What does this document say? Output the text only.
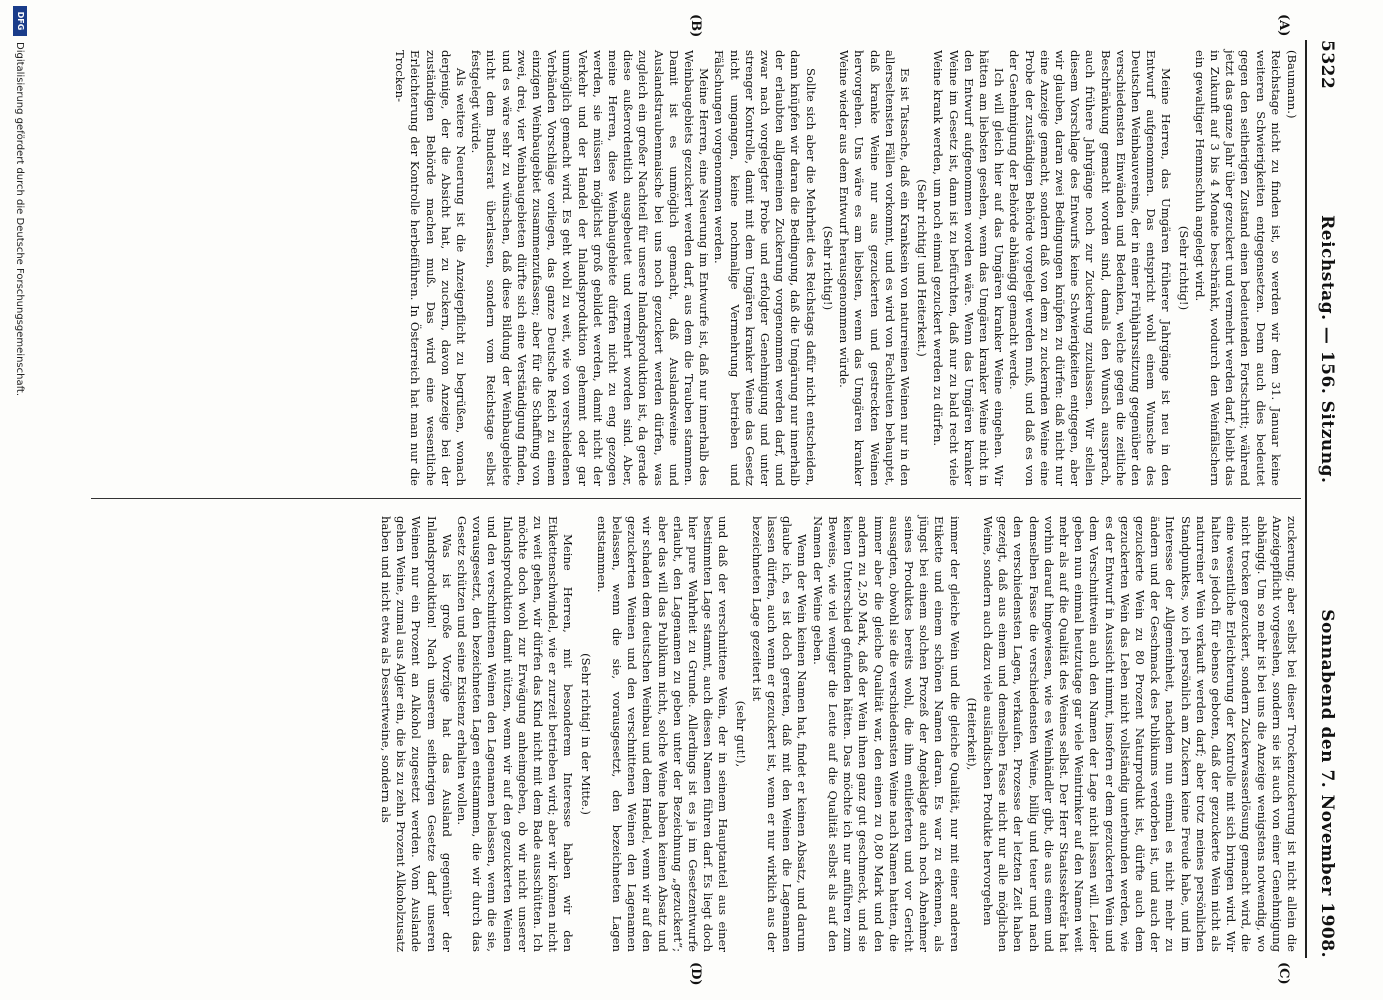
5322
Reichstag. — 156. Sitzung.
Sonnabend den 7. November 1908.
(A)
(B)
(C)
(D)

(Baumann.)

Reichstage nicht zu finden ist, so werden wir dem 31. Januar keine weiteren Schwierigkeiten entgegensetzen. Denn auch dies bedeutet gegen den seitherigen Zustand einen bedeutenden Fortschritt; während jetzt das ganze Jahr über gezuckert und vermehrt werden darf, bleibt das in Zukunft auf 3 bis 4 Monate beschränkt, wodurch den Weinfälschern ein gewaltiger Hemmschuh angelegt wird.

(Sehr richtig!)

Meine Herren, das Umgären früherer Jahrgänge ist neu in den Entwurf aufgenommen. Das entspricht wohl einem Wunsche des Deutschen Weinbauvereins, der in einer Frühjahrssitzung gegenüber den verschiedensten Einwänden und Bedenken, welche gegen die zeitliche Beschränkung gemacht worden sind, damals den Wunsch aussprach, auch frühere Jahrgänge noch zur Zuckerung zuzulassen. Wir stellen diesem Vorschlage des Entwurfs keine Schwierigkeiten entgegen, aber wir glauben, daran zwei Bedingungen knüpfen zu dürfen: daß nicht nur eine Anzeige gemacht, sondern daß von dem zu zuckernden Weine eine Probe der zuständigen Behörde vorgelegt werden muß, und daß es von der Genehmigung der Behörde abhängig gemacht werde.

Ich will gleich hier auf das Umgären kranker Weine eingehen. Wir hätten am liebsten gesehen, wenn das Umgären kranker Weine nicht in den Entwurf aufgenommen worden wäre. Wenn das Umgären kranker Weine im Gesetz ist, dann ist zu befürchten, daß nur zu bald recht viele Weine krank werden, um noch einmal gezuckert werden zu dürfen.

(Sehr richtig! und Heiterkeit.)

Es ist Tatsache, daß ein Kranksein von naturreinen Weinen nur in den allerseltensten Fällen vorkommt, und es wird von Fachleuten behauptet, daß kranke Weine nur aus gezuckerten und gestreckten Weinen hervorgehen. Uns wäre es am liebsten, wenn das Umgären kranker Weine wieder aus dem Entwurf herausgenommen würde.

(Sehr richtig!)

Sollte sich aber die Mehrheit des Reichstags dafür nicht entscheiden, dann knüpfen wir daran die Bedingung, daß die Umgärung nur innerhalb der erlaubten allgemeinen Zuckerung vorgenommen werden darf, und zwar nach vorgelegter Probe und erfolgter Genehmigung und unter strenger Kontrolle, damit mit dem Umgären kranker Weine das Gesetz nicht umgangen, keine nochmalige Vermehrung betrieben und Fälschungen vorgenommen werden.

Meine Herren, eine Neuerung im Entwurfe ist, daß nur innerhalb des Weinbaugebiets gezuckert werden darf, aus dem die Trauben stammen. Damit ist es unmöglich gemacht, daß Auslandsweine und Auslandstraubenmaische bei uns noch gezuckert werden dürfen, was zugleich ein großer Nachteil für unsere Inlandsproduktion ist, da gerade diese außerordentlich ausgebeutet und vermehrt worden sind. Aber, meine Herren, diese Weinbaugebiete dürfen nicht zu eng gezogen werden, sie müssen möglichst groß gebildet werden, damit nicht der Verkehr und der Handel der Inlandsproduktion gehemmt oder gar unmöglich gemacht wird. Es geht wohl zu weit, wie von verschiedenen Verbänden Vorschläge vorliegen, das ganze Deutsche Reich zu einem einzigen Weinbaugebiet zusammenzufassen; aber für die Schaffung von zwei, drei, vier Weinbaugebieten dürfte sich eine Verständigung finden, und es wäre sehr zu wünschen, daß diese Bildung der Weinbaugebiete nicht dem Bundesrat überlassen, sondern vom Reichstage selbst festgelegt würde.

Als weitere Neuerung ist die Anzeigepflicht zu begrüßen, wonach derjenige, der die Absicht hat, zu zuckern, davon Anzeige bei der zuständigen Behörde machen muß. Das wird eine wesentliche Erleichterung der Kontrolle herbeiführen. In Österreich hat man nur die Trocken-

zuckerung; aber selbst bei dieser Trockenzuckerung ist nicht allein die Anzeigepflicht vorgesehen, sondern sie ist auch von einer Genehmigung abhängig. Um so mehr ist bei uns die Anzeige wenigstens notwendig, wo nicht trocken gezuckert, sondern Zuckerwasserlösung gemacht wird, die eine wesentliche Erleichterung der Kontrolle mit sich bringen wird. Wir halten es jedoch für ebenso geboten, daß der gezuckerte Wein nicht als naturreiner Wein verkauft werden darf; aber trotz meines persönlichen Standpunktes, wo ich persönlich am Zuckern keine Freude habe, und im Interesse der Allgemeinheit, nachdem nun einmal es nicht mehr zu ändern und der Geschmack des Publikums verdorben ist, und auch der gezuckerte Wein zu 80 Prozent Naturprodukt ist, dürfte auch dem gezuckerten Wein das Leben nicht vollständig unterbunden werden, wie es der Entwurf in Aussicht nimmt, insofern er dem gezuckerten Wein und dem Verschnittwein auch den Namen der Lage nicht lassen will. Leider geben nun einmal heutzutage gar viele Weintrinker auf den Namen weit mehr als auf die Qualität des Weines selbst. Der Herr Staatssekretär hat vorhin darauf hingewiesen, wie es Weinhändler gibt, die aus einem und demselben Fasse die verschiedensten Weine, billig und teuer und nach den verschiedensten Lagen, verkaufen. Prozesse der letzten Zeit haben gezeigt, daß aus einem und demselben Fasse nicht nur alle möglichen Weine, sondern auch dazu viele ausländischen Produkte hervorgehen

(Heiterkeit),

immer der gleiche Wein und die gleiche Qualität, nur mit einer anderen Etikette und einem schönen Namen daran. Es war zu erkennen, als jüngst bei einem solchen Prozeß der Angeklagte auch noch Abnehmer seines Produktes bereits wohl, die ihm entlieferten und vor Gericht aussagten, obwohl sie die verschiedensten Weine nach Namen hatten, die immer aber die gleiche Qualität war, den einen zu 0,80 Mark und den andern zu 2,50 Mark, daß der Wein ihnen ganz gut geschmeckt, und sie keinen Unterschied gefunden hätten. Das möchte ich nur anführen zum Beweise, wie viel weniger die Leute auf die Qualität selbst als auf den Namen der Weine geben.

Wenn der Wein keinen Namen hat, findet er keinen Absatz, und darum glaube ich, es ist doch geraten, daß mit den Weinen die Lagenamen lassen dürfen, auch wenn er gezuckert ist, wenn er nur wirklich aus der bezeichneten Lage gezeitert ist

(sehr gut!),

und daß der verschnittene Wein, der in seinem Hauptanteil aus einer bestimmten Lage stammt, auch diesen Namen führen darf. Es liegt doch hier pure Wahrheit zu Grunde. Allerdings ist es ja im Gesetzentwurfe erlaubt, den Lagenamen zu geben unter der Bezeichnung „gezuckert“; aber das will das Publikum nicht, solche Weine haben keinen Absatz und wir schaden dem deutschen Weinbau und dem Handel, wenn wir auf den gezuckerten Weinen und den verschnittenen Weinen den Lagenamen belassen, wenn die sie, vorausgesetzt, den bezeichneten Lagen entstammen.

(Sehr richtig! in der Mitte.)

Meine Herren, mit besonderem Interesse haben wir den Etikettenschwindel, wie er zurzeit betrieben wird; aber wir können nicht zu weit gehen, wir dürfen das Kind nicht mit dem Bade ausschütten. Ich möchte doch wohl zur Erwägung anheimgeben, ob wir nicht unserer Inlandsproduktion damit nützen, wenn wir auf den gezuckerten Weinen und den verschnittenen Weinen den Lagenamen belassen, wenn die sie, vorausgesetzt, den bezeichneten Lagen entstammen, die wir durch das Gesetz schützen und seine Existenz erhalten wollen.

Was ist große Vorzüge hat das Ausland gegenüber der Inlandsproduktion! Nach unserem seitherigen Gesetze darf unseren Weinen nur ein Prozent an Alkohol zugesetzt werden. Vom Auslande gehen Weine, zumal aus Algier ein, die bis zu zehn Prozent Alkoholzusatz haben und nicht etwa als Dessertweine, sondern als

DFG
Digitalisierung gefördert durch die Deutsche Forschungsgemeinschaft.
